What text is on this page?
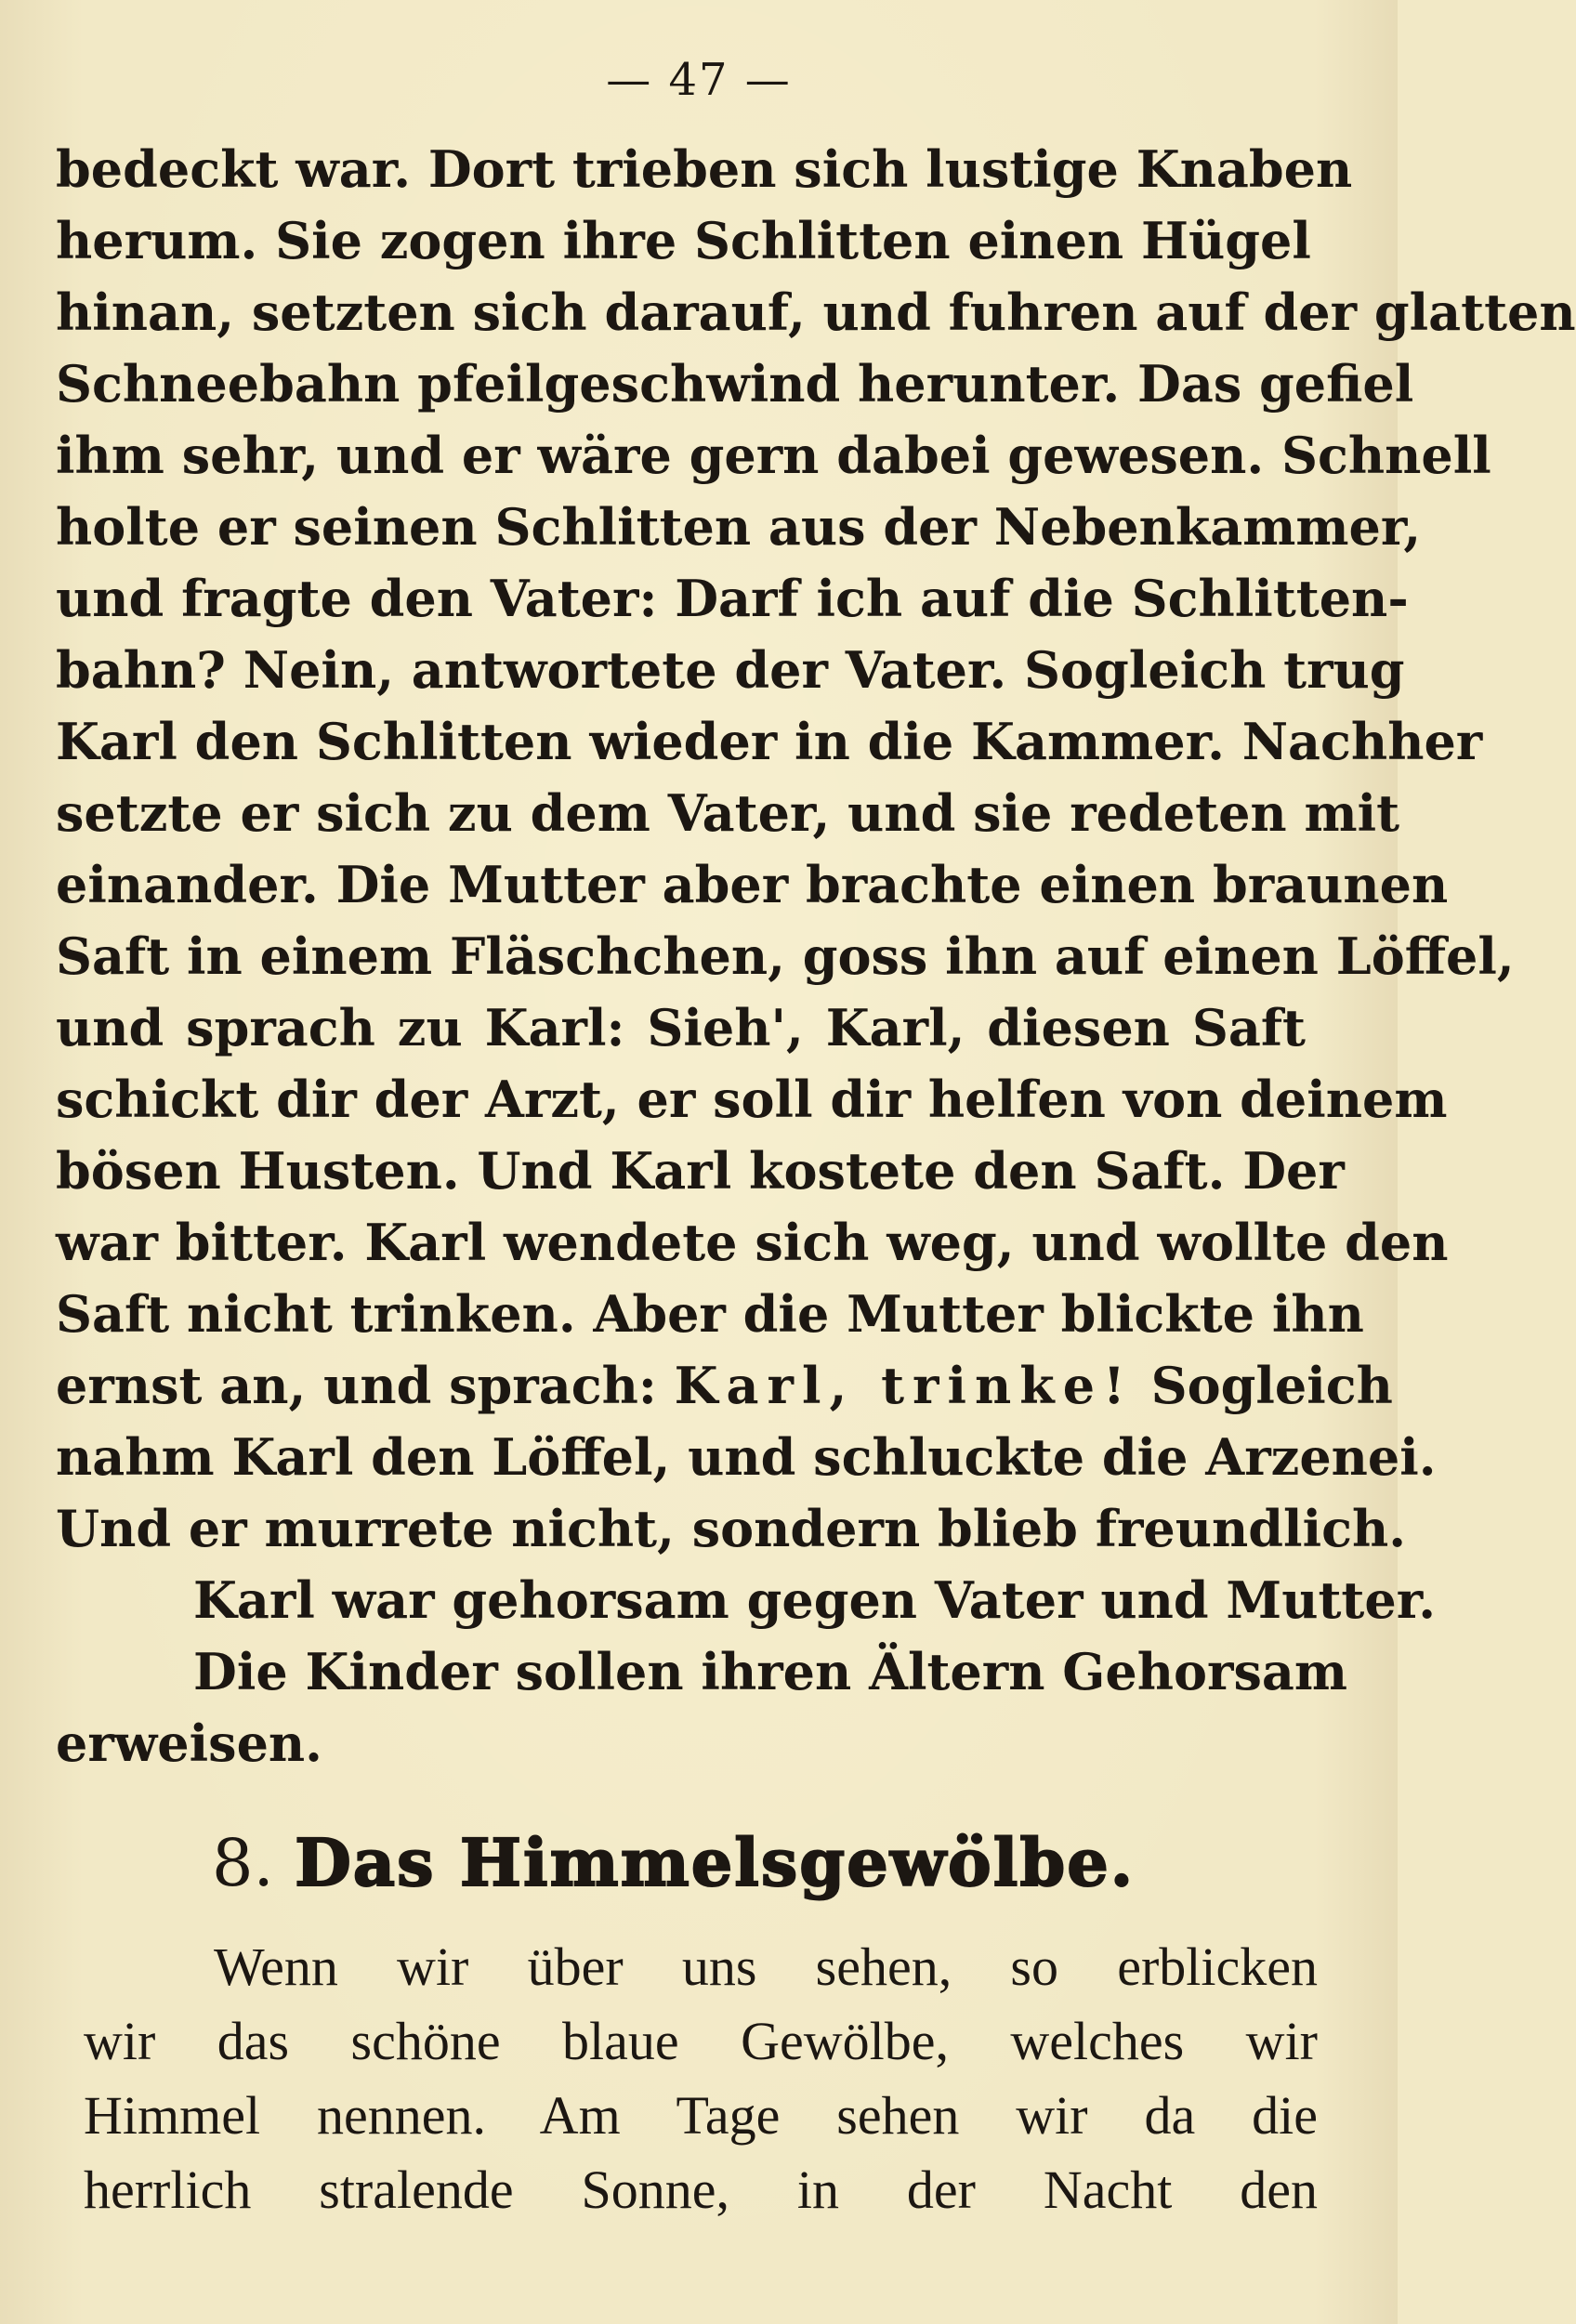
— 47 —
bedeckt war. Dort trieben sich lustige Knaben
herum. Sie zogen ihre Schlitten einen Hügel
hinan, setzten sich darauf, und fuhren auf der glatten
Schneebahn pfeilgeschwind herunter. Das gefiel
ihm sehr, und er wäre gern dabei gewesen. Schnell
holte er seinen Schlitten aus der Nebenkammer,
und fragte den Vater: Darf ich auf die Schlitten-
bahn? Nein, antwortete der Vater. Sogleich trug
Karl den Schlitten wieder in die Kammer. Nachher
setzte er sich zu dem Vater, und sie redeten mit
einander. Die Mutter aber brachte einen braunen
Saft in einem Fläschchen, goss ihn auf einen Löffel,
und sprach zu Karl: Sieh', Karl, diesen Saft
schickt dir der Arzt, er soll dir helfen von deinem
bösen Husten. Und Karl kostete den Saft. Der
war bitter. Karl wendete sich weg, und wollte den
Saft nicht trinken. Aber die Mutter blickte ihn
ernst an, und sprach: Karl, trinke! Sogleich
nahm Karl den Löffel, und schluckte die Arzenei.
Und er murrete nicht, sondern blieb freundlich.
Karl war gehorsam gegen Vater und Mutter.
Die Kinder sollen ihren Ältern Gehorsam
erweisen.
8. Das Himmelsgewölbe.
Wenn wir über uns sehen, so erblicken
wir das schöne blaue Gewölbe, welches wir
Himmel nennen. Am Tage sehen wir da die
herrlich stralende Sonne, in der Nacht den
